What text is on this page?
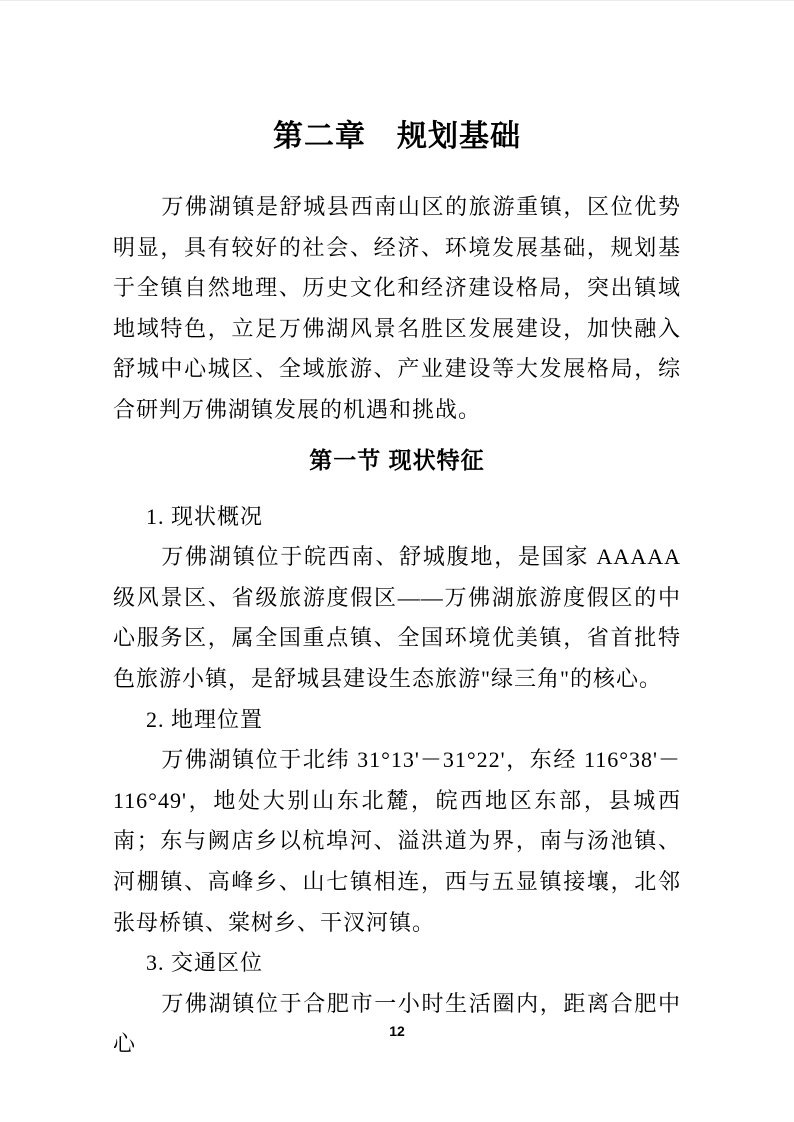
第二章　规划基础

万佛湖镇是舒城县西南山区的旅游重镇，区位优势明显，具有较好的社会、经济、环境发展基础，规划基于全镇自然地理、历史文化和经济建设格局，突出镇域地域特色，立足万佛湖风景名胜区发展建设，加快融入舒城中心城区、全域旅游、产业建设等大发展格局，综合研判万佛湖镇发展的机遇和挑战。

第一节 现状特征

1. 现状概况

万佛湖镇位于皖西南、舒城腹地，是国家 AAAAA 级风景区、省级旅游度假区——万佛湖旅游度假区的中心服务区，属全国重点镇、全国环境优美镇，省首批特色旅游小镇，是舒城县建设生态旅游"绿三角"的核心。

2. 地理位置

万佛湖镇位于北纬 31°13'－31°22'，东经 116°38'－116°49'，地处大别山东北麓，皖西地区东部，县城西南；东与阙店乡以杭埠河、溢洪道为界，南与汤池镇、河棚镇、高峰乡、山七镇相连，西与五显镇接壤，北邻张母桥镇、棠树乡、干汊河镇。

3. 交通区位

万佛湖镇位于合肥市一小时生活圈内，距离合肥中心

12
